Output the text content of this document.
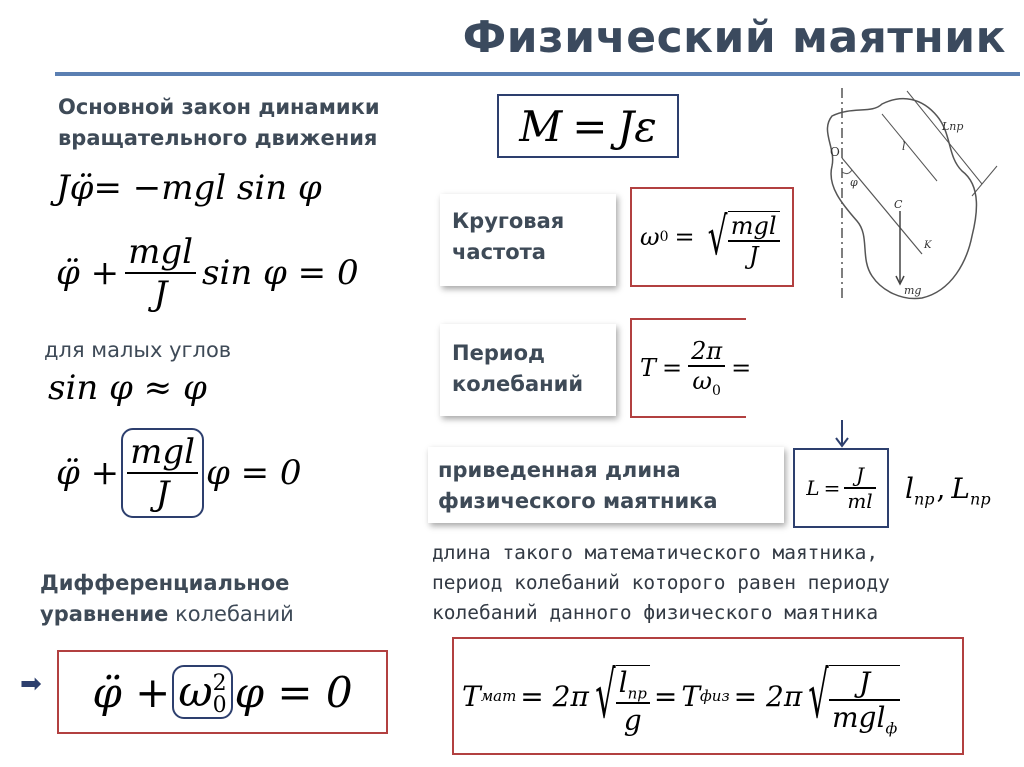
Физический маятник
Основной закон динамики
вращательного движения	M = Jε
Jφ̈= −mgl sin φ
φ̈ + $\frac{\text{mgl}}{J}$ sin φ = 0
для малых углов
sin φ ≈ φ
φ̈ + $\frac{\text{mgl}}{J}$ φ = 0
Дифференциальное
уравнение колебаний
➡ φ̈ + ω 2
0 φ = 0
Круговая
частота
ω 0 = √ $\frac{\text{mgl}}{J}$
Период
колебаний
$T = \frac{2\pi}{\omega_0}$ =
приведенная длина
физического маятника
$L = \frac{J}{ml} l_{пр}$, $L_{пр}$
длина такого математического маятника,
период колебаний которого равен периоду
колебаний данного физического маятника
T мат = 2π √ $\frac{l_{пр}}{g} = T$ физ = 2π √ $\frac{J}{mgl_ф}$
O
φ
l
Lпр
C
K
mg
